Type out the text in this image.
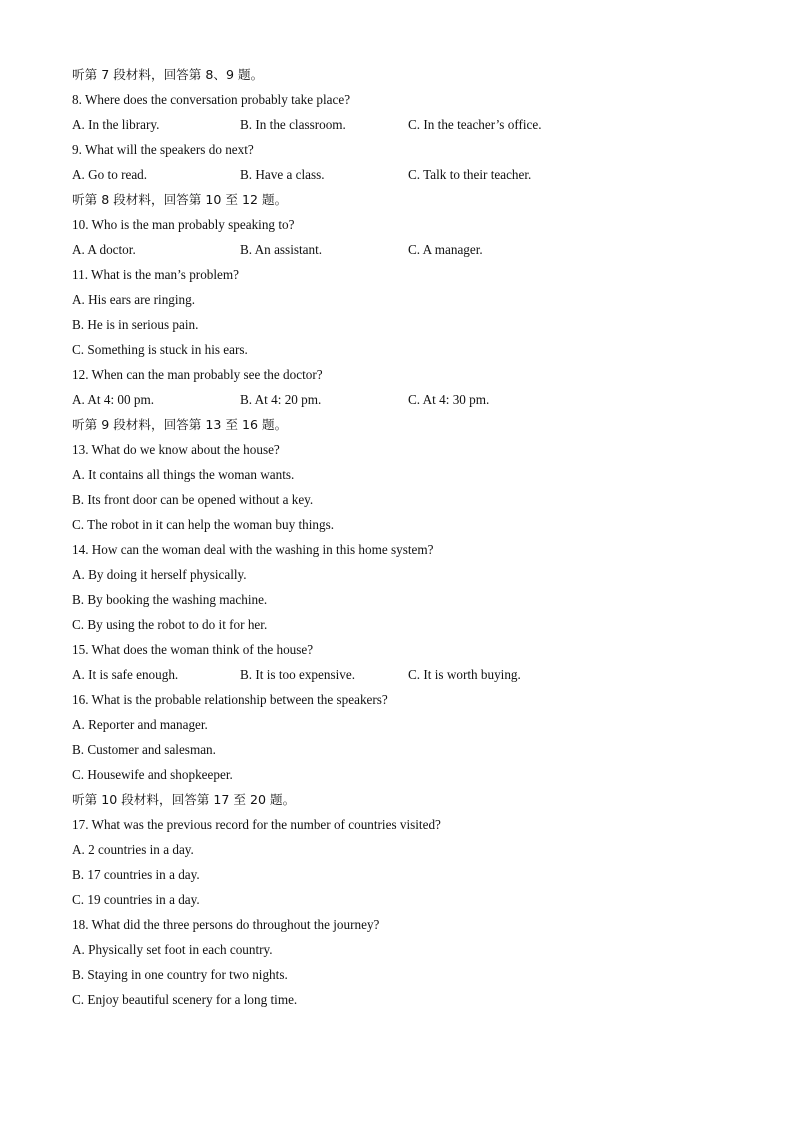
听第 7 段材料，回答第 8、9 题。
8. Where does the conversation probably take place?
A. In the library.	B. In the classroom.	C. In the teacher’s office.
9. What will the speakers do next?
A. Go to read.	B. Have a class.	C. Talk to their teacher.
听第 8 段材料，回答第 10 至 12 题。
10. Who is the man probably speaking to?
A. A doctor.	B. An assistant.	C. A manager.
11. What is the man’s problem?
A. His ears are ringing.
B. He is in serious pain.
C. Something is stuck in his ears.
12. When can the man probably see the doctor?
A. At 4: 00 pm.	B. At 4: 20 pm.	C. At 4: 30 pm.
听第 9 段材料，回答第 13 至 16 题。
13. What do we know about the house?
A. It contains all things the woman wants.
B. Its front door can be opened without a key.
C. The robot in it can help the woman buy things.
14. How can the woman deal with the washing in this home system?
A. By doing it herself physically.
B. By booking the washing machine.
C. By using the robot to do it for her.
15. What does the woman think of the house?
A. It is safe enough.	B. It is too expensive.	C. It is worth buying.
16. What is the probable relationship between the speakers?
A. Reporter and manager.
B. Customer and salesman.
C. Housewife and shopkeeper.
听第 10 段材料，回答第 17 至 20 题。
17. What was the previous record for the number of countries visited?
A. 2 countries in a day.
B. 17 countries in a day.
C. 19 countries in a day.
18. What did the three persons do throughout the journey?
A. Physically set foot in each country.
B. Staying in one country for two nights.
C. Enjoy beautiful scenery for a long time.
